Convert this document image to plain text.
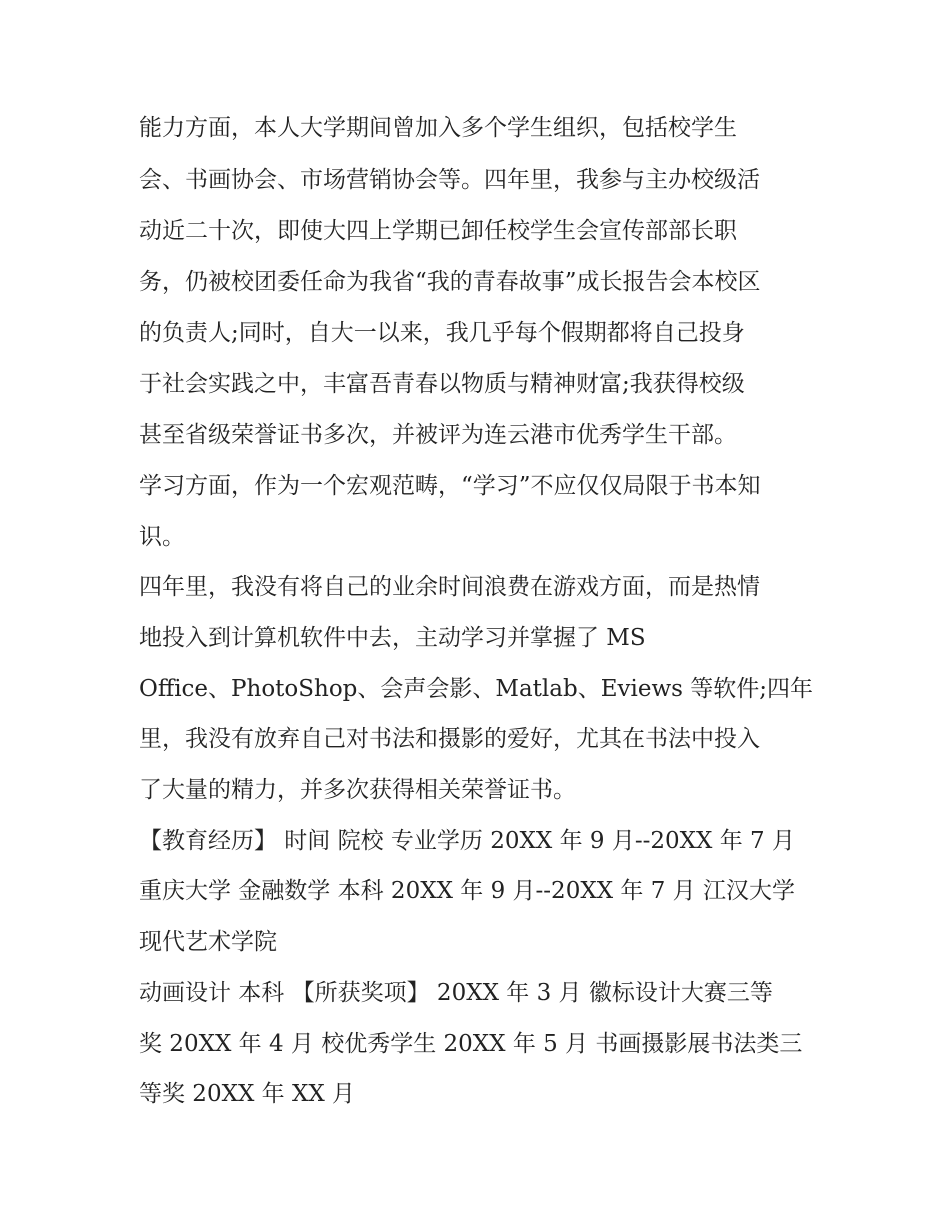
能力方面，本人大学期间曾加入多个学生组织，包括校学生
会、书画协会、市场营销协会等。四年里，我参与主办校级活
动近二十次，即使大四上学期已卸任校学生会宣传部部长职
务，仍被校团委任命为我省“我的青春故事”成长报告会本校区
的负责人;同时，自大一以来，我几乎每个假期都将自己投身
于社会实践之中，丰富吾青春以物质与精神财富;我获得校级
甚至省级荣誉证书多次，并被评为连云港市优秀学生干部。
学习方面，作为一个宏观范畴，“学习”不应仅仅局限于书本知
识。
四年里，我没有将自己的业余时间浪费在游戏方面，而是热情
地投入到计算机软件中去，主动学习并掌握了 MS
Office、PhotoShop、会声会影、Matlab、Eviews 等软件;四年
里，我没有放弃自己对书法和摄影的爱好，尤其在书法中投入
了大量的精力，并多次获得相关荣誉证书。
【教育经历】 时间 院校 专业学历 20XX 年 9 月--20XX 年 7 月
重庆大学 金融数学 本科 20XX 年 9 月--20XX 年 7 月 江汉大学
现代艺术学院
动画设计 本科 【所获奖项】 20XX 年 3 月 徽标设计大赛三等
奖 20XX 年 4 月 校优秀学生 20XX 年 5 月 书画摄影展书法类三
等奖 20XX 年 XX 月
